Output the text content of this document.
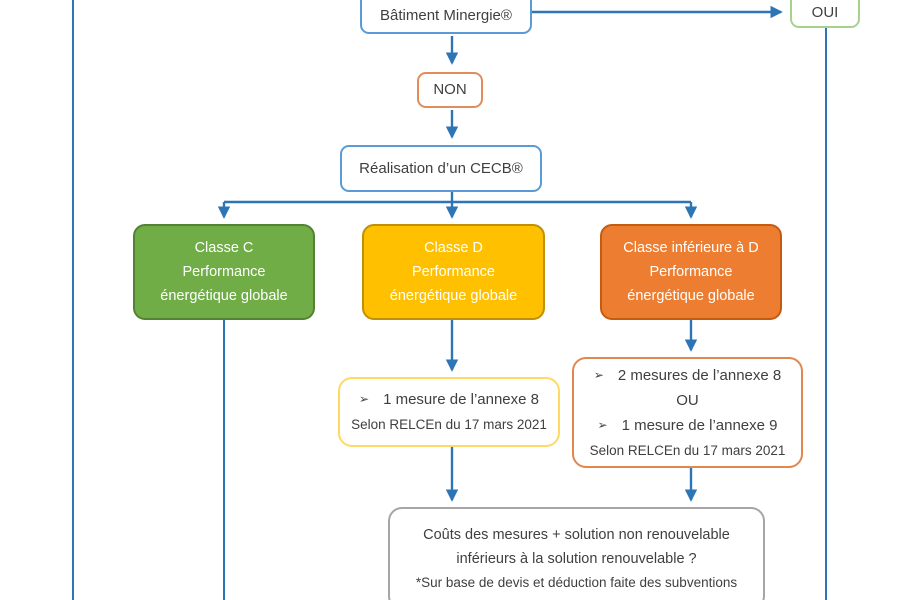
Bâtiment Minergie®	OUI
NON
Réalisation d’un CECB®
Classe C
Performance
énergétique globale
Classe D
Performance
énergétique globale
Classe inférieure à D
Performance
énergétique globale
➢ 1 mesure de l’annexe 8
Selon RELCEn du 17 mars 2021
➢ 2 mesures de l’annexe 8
OU
➢ 1 mesure de l’annexe 9
Selon RELCEn du 17 mars 2021
Coûts des mesures + solution non renouvelable
inférieurs à la solution renouvelable ?
*Sur base de devis et déduction faite des subventions
